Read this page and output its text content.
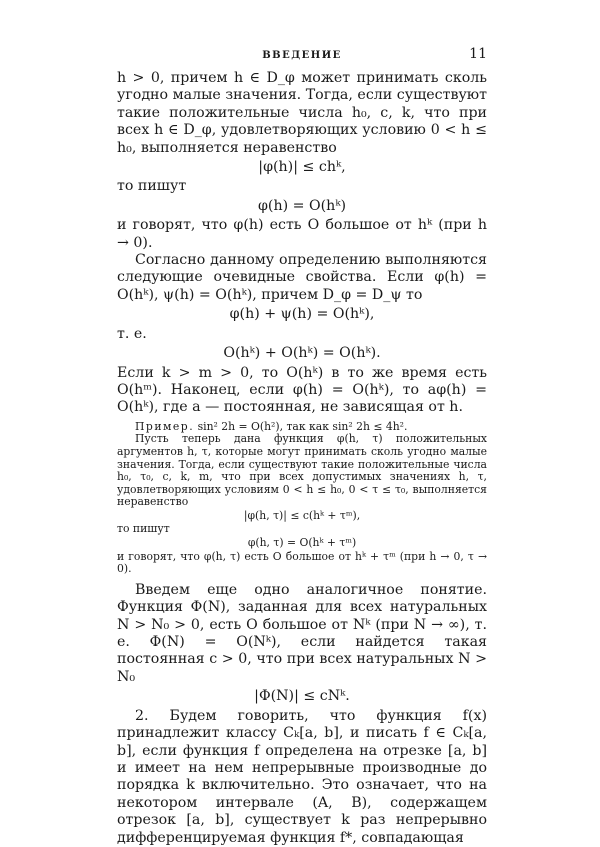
ВВЕДЕНИЕ	11

h > 0, причем h ∈ D_φ может принимать сколь угодно малые значения. Тогда, если существуют такие положительные числа h₀, c, k, что при всех h ∈ D_φ, удовлетворяющих условию 0 < h ≤ h₀, выполняется неравенство

|φ(h)| ≤ chᵏ,

то пишут

φ(h) = O(hᵏ)

и говорят, что φ(h) есть O большое от hᵏ (при h → 0).

Согласно данному определению выполняются следующие очевидные свойства. Если φ(h) = O(hᵏ), ψ(h) = O(hᵏ), причем D_φ = D_ψ то

φ(h) + ψ(h) = O(hᵏ),

т. е.

O(hᵏ) + O(hᵏ) = O(hᵏ).

Если k > m > 0, то O(hᵏ) в то же время есть O(hᵐ). Наконец, если φ(h) = O(hᵏ), то aφ(h) = O(hᵏ), где a — постоянная, не зависящая от h.

Пример. sin² 2h = O(h²), так как sin² 2h ≤ 4h².

Пусть теперь дана функция φ(h, τ) положительных аргументов h, τ, которые могут принимать сколь угодно малые значения. Тогда, если существуют такие положительные числа h₀, τ₀, c, k, m, что при всех допустимых значениях h, τ, удовлетворяющих условиям 0 < h ≤ h₀, 0 < τ ≤ τ₀, выполняется неравенство

|φ(h, τ)| ≤ c(hᵏ + τᵐ),

то пишут

φ(h, τ) = O(hᵏ + τᵐ)

и говорят, что φ(h, τ) есть O большое от hᵏ + τᵐ (при h → 0, τ → 0).

Введем еще одно аналогичное понятие. Функция Φ(N), заданная для всех натуральных N > N₀ > 0, есть O большое от Nᵏ (при N → ∞), т. е. Φ(N) = O(Nᵏ), если найдется такая постоянная c > 0, что при всех натуральных N > N₀

|Φ(N)| ≤ cNᵏ.

2. Будем говорить, что функция f(x) принадлежит классу Cₖ[a, b], и писать f ∈ Cₖ[a, b], если функция f определена на отрезке [a, b] и имеет на нем непрерывные производные до порядка k включительно. Это означает, что на некотором интервале (A, B), содержащем отрезок [a, b], существует k раз непрерывно дифференцируемая функция f*, совпадающая
